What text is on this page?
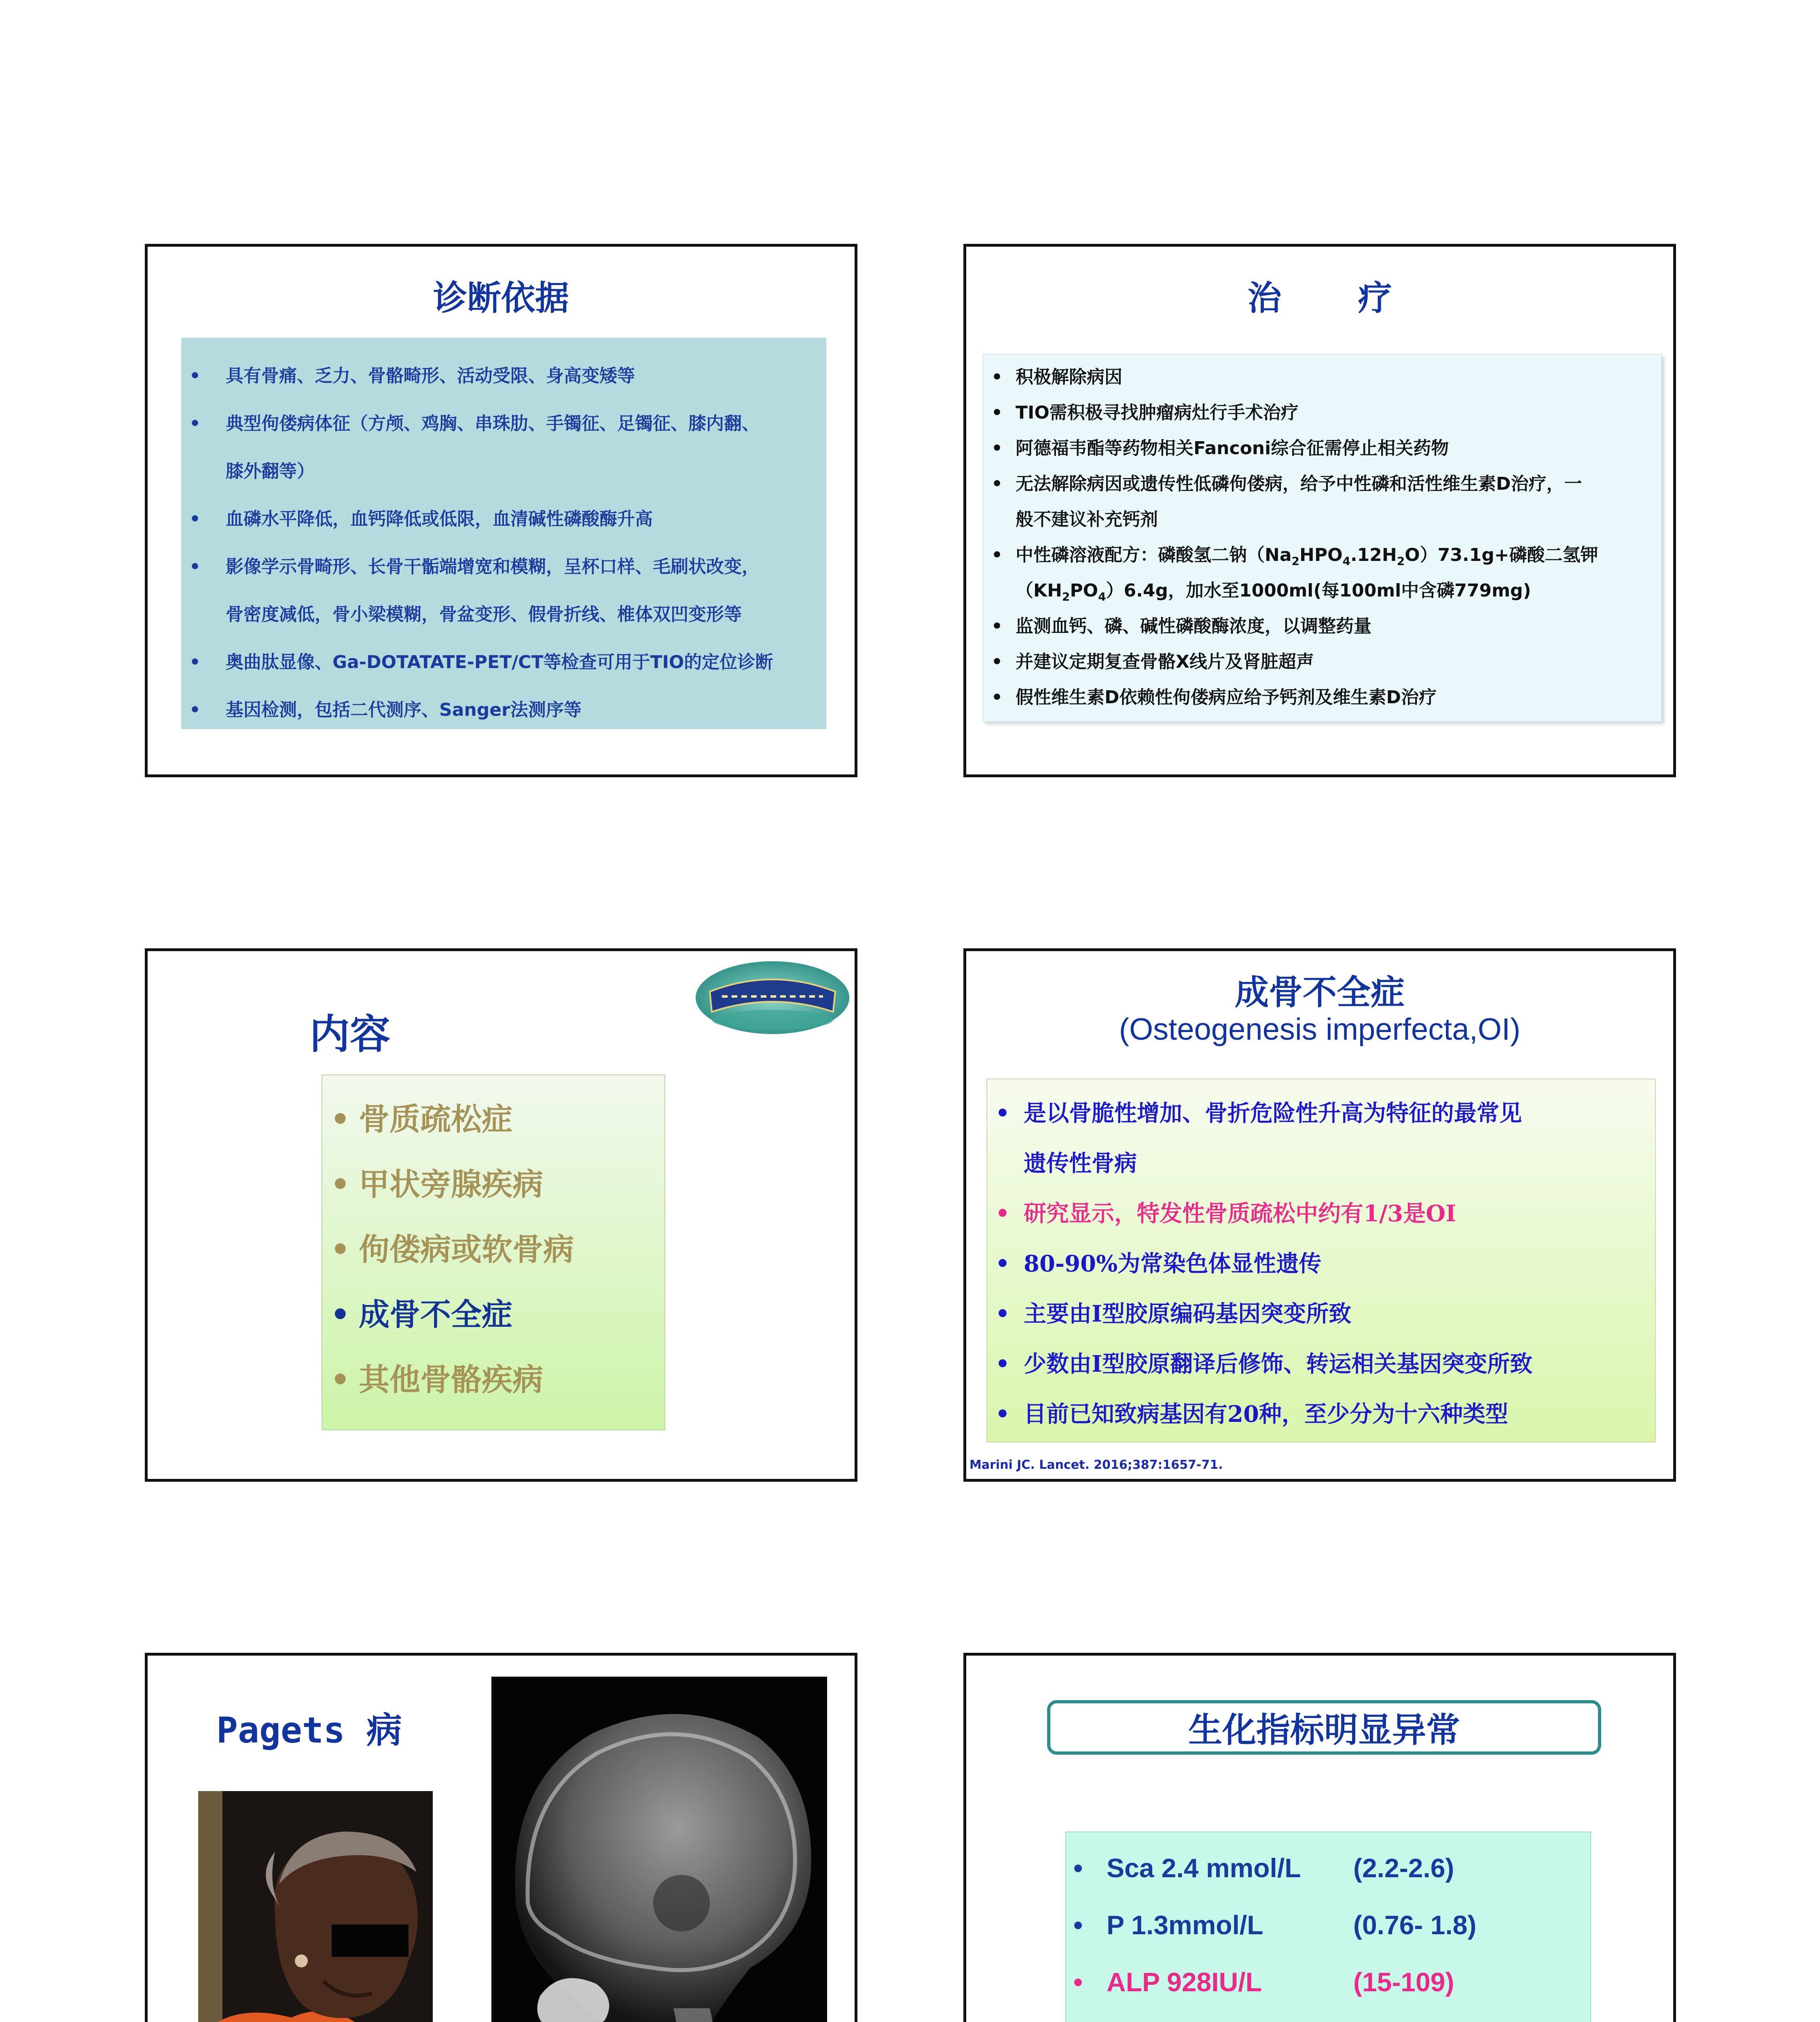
诊断依据
• 具有骨痛、乏力、骨骼畸形、活动受限、身高变矮等
• 典型佝偻病体征（方颅、鸡胸、串珠肋、手镯征、足镯征、膝内翻、
膝外翻等）
• 血磷水平降低，血钙降低或低限，血清碱性磷酸酶升高
• 影像学示骨畸形、长骨干骺端增宽和模糊，呈杯口样、毛刷状改变，
骨密度减低，骨小梁模糊，骨盆变形、假骨折线、椎体双凹变形等
• 奥曲肽显像、Ga-DOTATATE-PET/CT等检查可用于TIO的定位诊断
• 基因检测，包括二代测序、Sanger法测序等
治 疗
• 积极解除病因
• TIO需积极寻找肿瘤病灶行手术治疗
• 阿德福韦酯等药物相关Fanconi综合征需停止相关药物
• 无法解除病因或遗传性低磷佝偻病，给予中性磷和活性维生素D治疗，一
般不建议补充钙剂
• 中性磷溶液配方：磷酸氢二钠$(Na_2HPO_4.12H_2O)73.1g+$磷酸二氢钾
$(KH_2PO_4)6.4g$，加水至1000ml(每100ml中含磷779mg)
• 监测血钙、磷、碱性磷酸酶浓度，以调整药量
• 并建议定期复查骨骼X线片及肾脏超声
• 假性维生素D依赖性佝偻病应给予钙剂及维生素D治疗
内容
• 骨质疏松症
• 甲状旁腺疾病
• 佝偻病或软骨病
• 成骨不全症
• 其他骨骼疾病
成骨不全症
(Osteogenesis imperfecta,OI)
• 是以骨脆性增加、骨折危险性升高为特征的最常见
遗传性骨病
• 研究显示，特发性骨质疏松中约有1/3是OI
• 80-90%为常染色体显性遗传
• 主要由I型胶原编码基因突变所致
• 少数由I型胶原翻译后修饰、转运相关基因突变所致
• 目前已知致病基因有20种，至少分为十六种类型
Marini JC. Lancet. 2016;387:1657-71.
Pagets 病	生化指标明显异常
• Sca 2.4 mmol/L (2.2-2.6)
• P 1.3mmol/L	(0.76- 1.8)
• ALP 928IU/L	(15-109)
